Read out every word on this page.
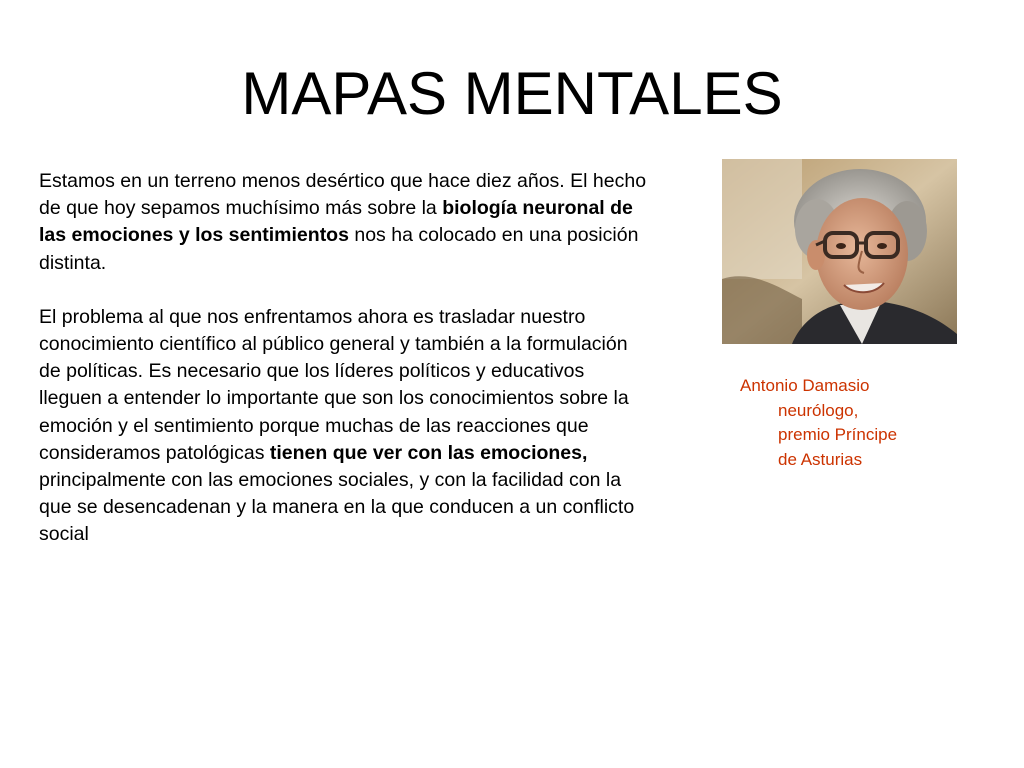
MAPAS MENTALES

Estamos en un terreno menos desértico que hace diez años. El hecho de que hoy sepamos muchísimo más sobre la biología neuronal de las emociones y los sentimientos nos ha colocado en una posición distinta.

El problema al que nos enfrentamos ahora es trasladar nuestro conocimiento científico al público general y también a la formulación de políticas. Es necesario que los líderes políticos y educativos lleguen a entender lo importante que son los conocimientos sobre la emoción y el sentimiento porque muchas de las reacciones que consideramos patológicas tienen que ver con las emociones, principalmente con las emociones sociales, y con la facilidad con la que se desencadenan y la manera en la que conducen a un conflicto social

Antonio Damasio
neurólogo,
premio Príncipe
de Asturias
